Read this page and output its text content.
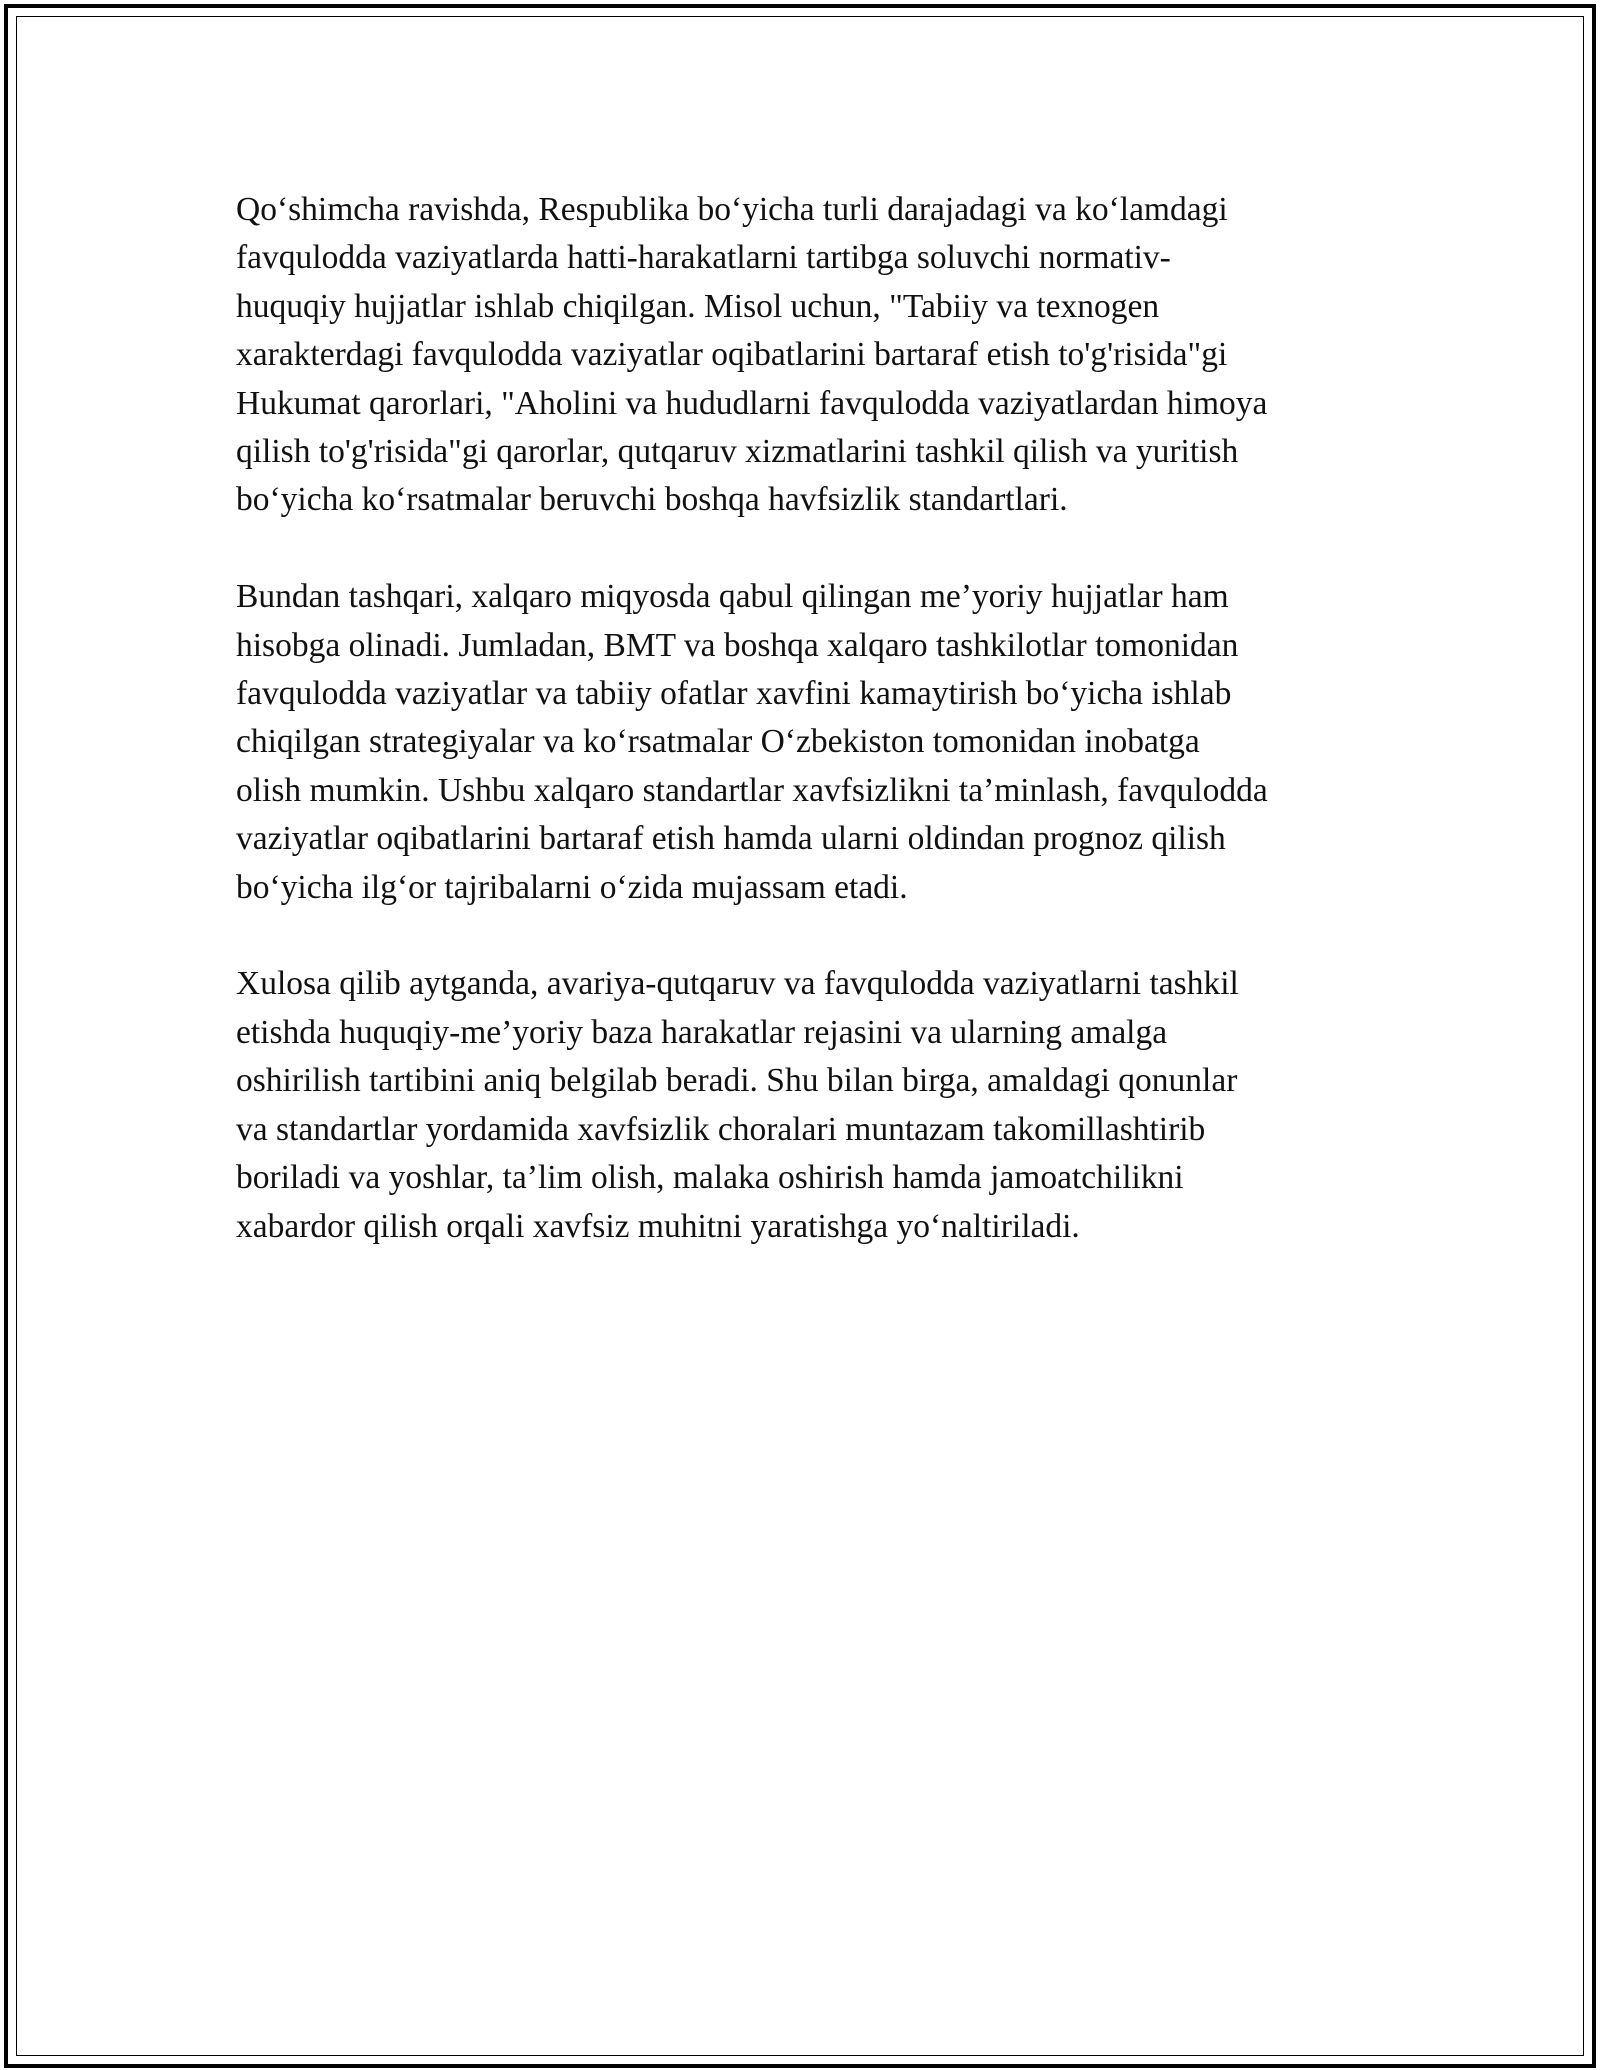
Qo‘shimcha ravishda, Respublika bo‘yicha turli darajadagi va ko‘lamdagi
favqulodda vaziyatlarda hatti-harakatlarni tartibga soluvchi normativ-
huquqiy hujjatlar ishlab chiqilgan. Misol uchun, "Tabiiy va texnogen
xarakterdagi favqulodda vaziyatlar oqibatlarini bartaraf etish to'g'risida"gi
Hukumat qarorlari, "Aholini va hududlarni favqulodda vaziyatlardan himoya
qilish to'g'risida"gi qarorlar, qutqaruv xizmatlarini tashkil qilish va yuritish
bo‘yicha ko‘rsatmalar beruvchi boshqa havfsizlik standartlari.

Bundan tashqari, xalqaro miqyosda qabul qilingan me’yoriy hujjatlar ham
hisobga olinadi. Jumladan, BMT va boshqa xalqaro tashkilotlar tomonidan
favqulodda vaziyatlar va tabiiy ofatlar xavfini kamaytirish bo‘yicha ishlab
chiqilgan strategiyalar va ko‘rsatmalar O‘zbekiston tomonidan inobatga
olish mumkin. Ushbu xalqaro standartlar xavfsizlikni ta’minlash, favqulodda
vaziyatlar oqibatlarini bartaraf etish hamda ularni oldindan prognoz qilish
bo‘yicha ilg‘or tajribalarni o‘zida mujassam etadi.

Xulosa qilib aytganda, avariya-qutqaruv va favqulodda vaziyatlarni tashkil
etishda huquqiy-me’yoriy baza harakatlar rejasini va ularning amalga
oshirilish tartibini aniq belgilab beradi. Shu bilan birga, amaldagi qonunlar
va standartlar yordamida xavfsizlik choralari muntazam takomillashtirib
boriladi va yoshlar, ta’lim olish, malaka oshirish hamda jamoatchilikni
xabardor qilish orqali xavfsiz muhitni yaratishga yo‘naltiriladi.
